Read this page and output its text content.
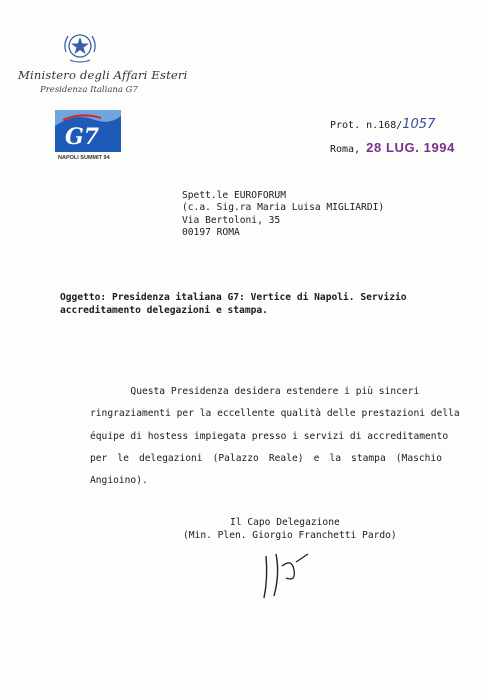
Ministero degli Affari Esteri
Presidenza Italiana G7
G7
NAPOLI SUMMIT 94
Prot. n.168/1057
Roma, 28 LUG. 1994
Spett.le EUROFORUM
(c.a. Sig.ra Maria Luisa MIGLIARDI)
Via Bertoloni, 35
00197 ROMA
Oggetto: Presidenza italiana G7: Vertice di Napoli. Servizio
accreditamento delegazioni e stampa.
Questa Presidenza desidera estendere i più sinceri
ringraziamenti per la eccellente qualità delle prestazioni della
équipe di hostess impiegata presso i servizi di accreditamento
per le delegazioni (Palazzo Reale) e la stampa (Maschio
Angioino).
Il Capo Delegazione
(Min. Plen. Giorgio Franchetti Pardo)
